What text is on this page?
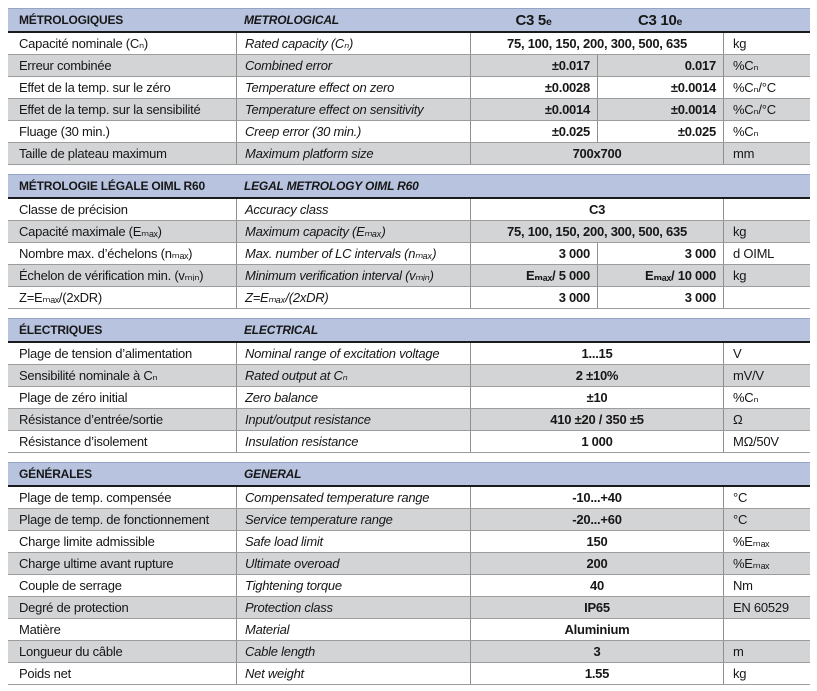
MÉTROLOGIQUES	METROLOGICAL	C3 5e	C3 10e
Capacité nominale (Cₙ)	Rated capacity (Cₙ)	75, 100, 150, 200, 300, 500, 635	kg
Erreur combinée	Combined error	±0.017	0.017	%Cₙ
Effet de la temp. sur le zéro	Temperature effect on zero	±0.0028	±0.0014	%Cₙ/°C
Effet de la temp. sur la sensibilité	Temperature effect on sensitivity	±0.0014	±0.0014	%Cₙ/°C
Fluage (30 min.)	Creep error (30 min.)	±0.025	±0.025	%Cₙ
Taille de plateau maximum	Maximum platform size	700x700	mm
MÉTROLOGIE LÉGALE OIML R60	LEGAL METROLOGY OIML R60
Classe de précision	Accuracy class	C3
Capacité maximale (Eₘₐₓ)	Maximum capacity (Eₘₐₓ)	75, 100, 150, 200, 300, 500, 635	kg
Nombre max. d’échelons (nₘₐₓ)	Max. number of LC intervals (nₘₐₓ)	3 000	3 000	d OIML
Échelon de vérification min. (vₘᵢₙ)	Minimum verification interval (vₘᵢₙ)	Eₘₐₓ/ 5 000	Eₘₐₓ/ 10 000	kg
Z=Eₘₐₓ/(2xDR)	Z=Eₘₐₓ/(2xDR)	3 000	3 000
ÉLECTRIQUES	ELECTRICAL
Plage de tension d’alimentation	Nominal range of excitation voltage	1...15	V
Sensibilité nominale à Cₙ	Rated output at Cₙ	2 ±10%	mV/V
Plage de zéro initial	Zero balance	±10	%Cₙ
Résistance d’entrée/sortie	Input/output resistance	410 ±20 / 350 ±5	Ω
Résistance d’isolement	Insulation resistance	1 000	MΩ/50V
GÉNÉRALES	GENERAL
Plage de temp. compensée	Compensated temperature range	-10...+40	°C
Plage de temp. de fonctionnement	Service temperature range	-20...+60	°C
Charge limite admissible	Safe load limit	150	%Eₘₐₓ
Charge ultime avant rupture	Ultimate overoad	200	%Eₘₐₓ
Couple de serrage	Tightening torque	40	Nm
Degré de protection	Protection class	IP65	EN 60529
Matière	Material	Aluminium
Longueur du câble	Cable length	3	m
Poids net	Net weight	1.55	kg
